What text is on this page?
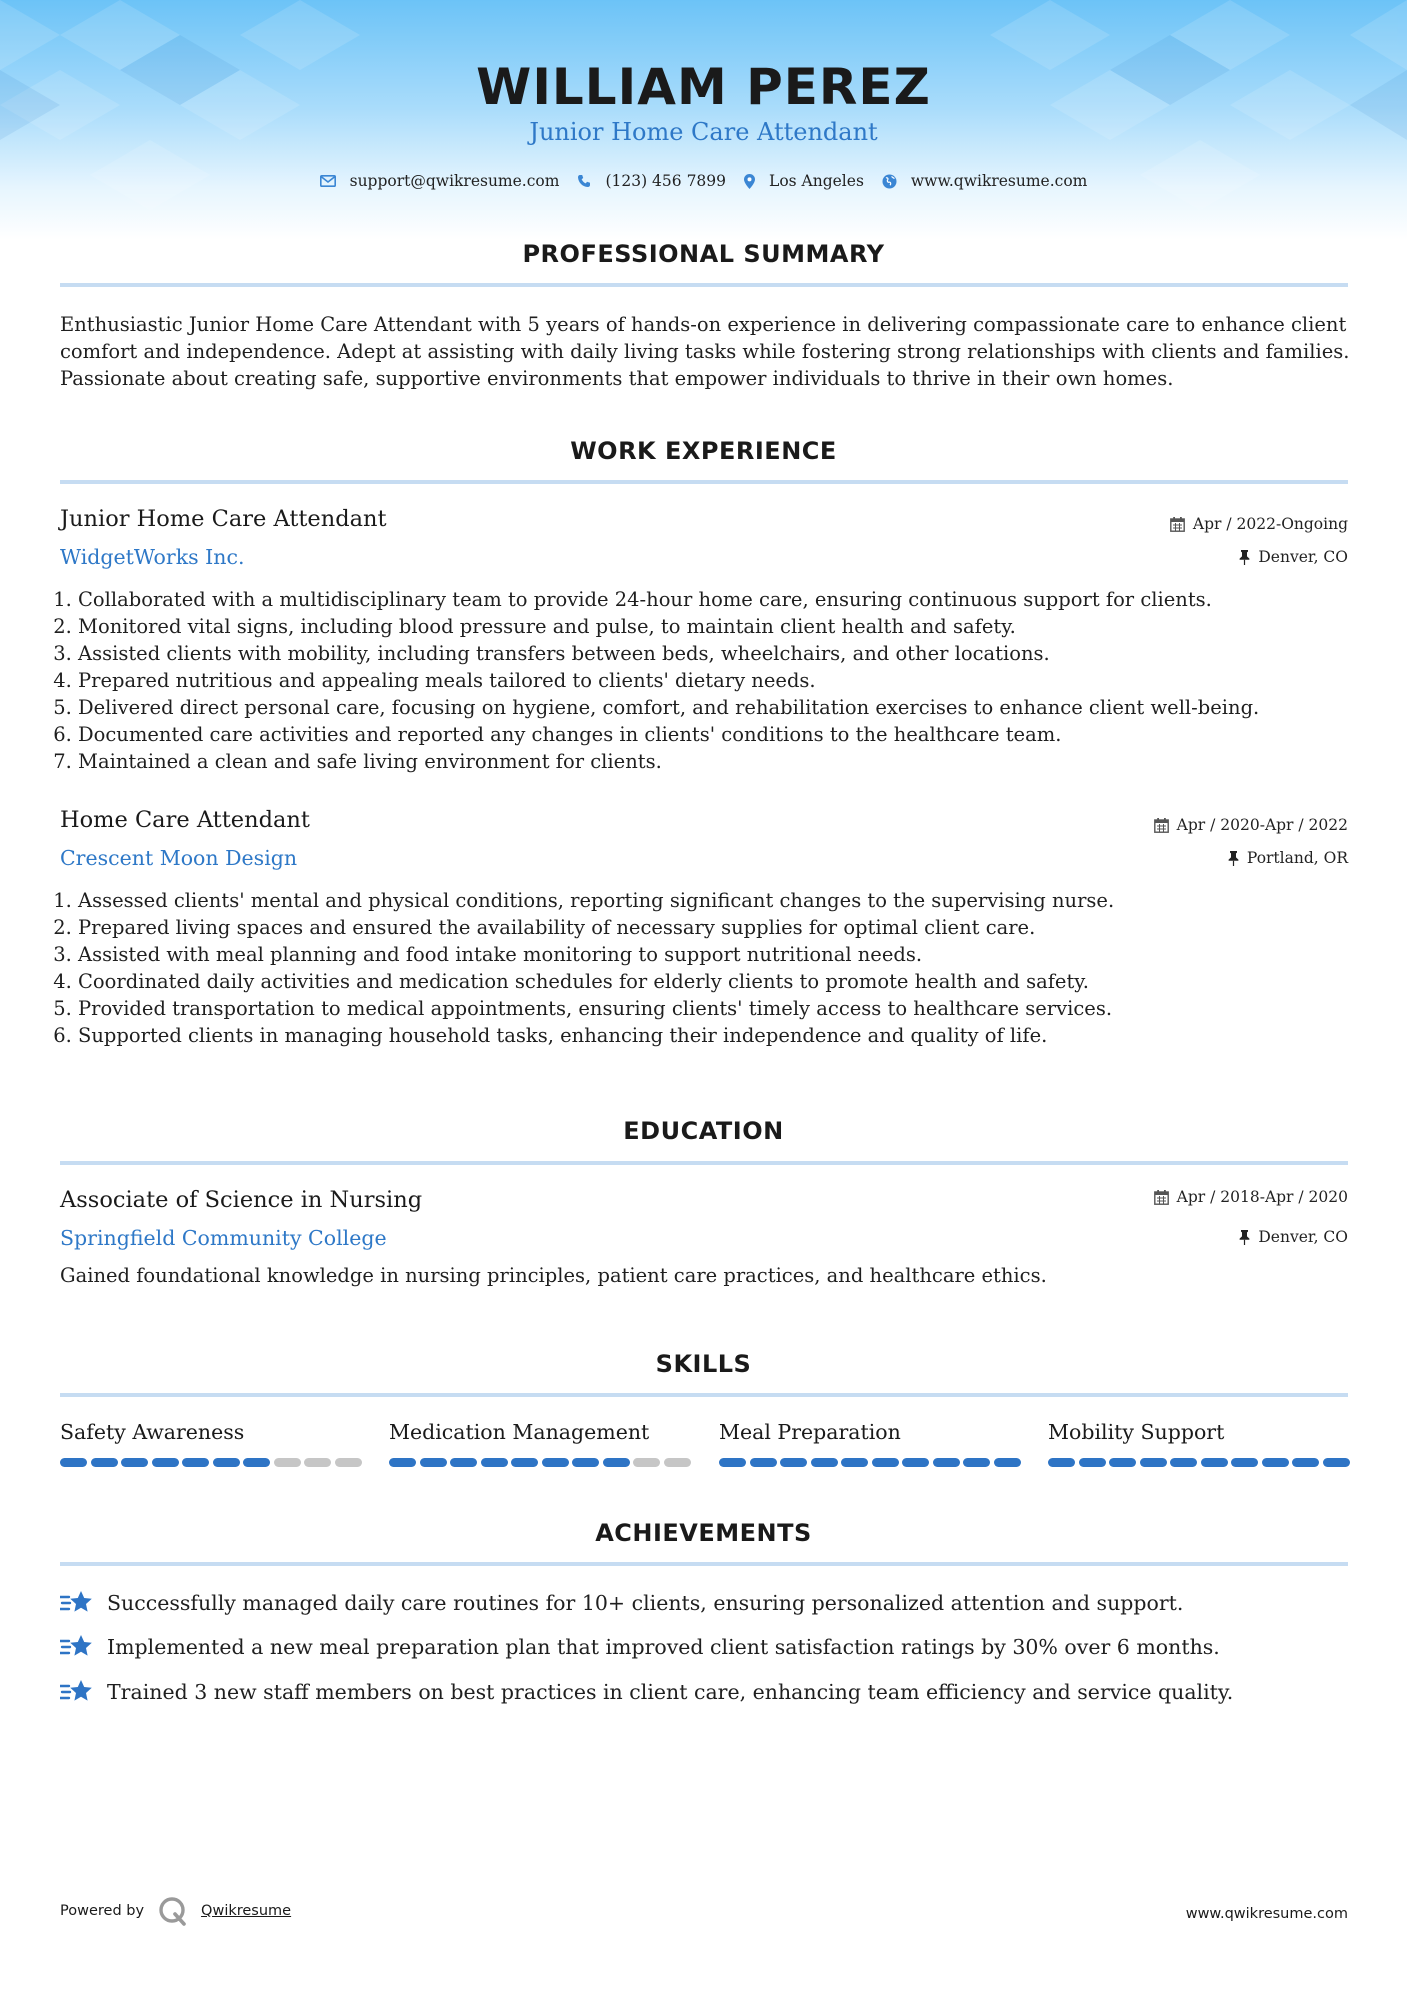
WILLIAM PEREZ
Junior Home Care Attendant
support@qwikresume.com	(123) 456 7899	Los Angeles	www.qwikresume.com
PROFESSIONAL SUMMARY
Enthusiastic Junior Home Care Attendant with 5 years of hands-on experience in delivering compassionate care to enhance client comfort and independence. Adept at assisting with daily living tasks while fostering strong relationships with clients and families. Passionate about creating safe, supportive environments that empower individuals to thrive in their own homes.
WORK EXPERIENCE
Junior Home Care Attendant
WidgetWorks Inc.
Apr / 2022-Ongoing
Denver, CO
1. Collaborated with a multidisciplinary team to provide 24-hour home care, ensuring continuous support for clients.
2. Monitored vital signs, including blood pressure and pulse, to maintain client health and safety.
3. Assisted clients with mobility, including transfers between beds, wheelchairs, and other locations.
4. Prepared nutritious and appealing meals tailored to clients' dietary needs.
5. Delivered direct personal care, focusing on hygiene, comfort, and rehabilitation exercises to enhance client well-being.
6. Documented care activities and reported any changes in clients' conditions to the healthcare team.
7. Maintained a clean and safe living environment for clients.
Home Care Attendant
Crescent Moon Design
Apr / 2020-Apr / 2022
Portland, OR
1. Assessed clients' mental and physical conditions, reporting significant changes to the supervising nurse.
2. Prepared living spaces and ensured the availability of necessary supplies for optimal client care.
3. Assisted with meal planning and food intake monitoring to support nutritional needs.
4. Coordinated daily activities and medication schedules for elderly clients to promote health and safety.
5. Provided transportation to medical appointments, ensuring clients' timely access to healthcare services.
6. Supported clients in managing household tasks, enhancing their independence and quality of life.
EDUCATION
Associate of Science in Nursing
Springfield Community College
Apr / 2018-Apr / 2020
Denver, CO
Gained foundational knowledge in nursing principles, patient care practices, and healthcare ethics.
SKILLS
Safety Awareness	Medication Management	Meal Preparation	Mobility Support
ACHIEVEMENTS
Successfully managed daily care routines for 10+ clients, ensuring personalized attention and support.
Implemented a new meal preparation plan that improved client satisfaction ratings by 30% over 6 months.
Trained 3 new staff members on best practices in client care, enhancing team efficiency and service quality.
Powered by	Qwikresume	www.qwikresume.com
